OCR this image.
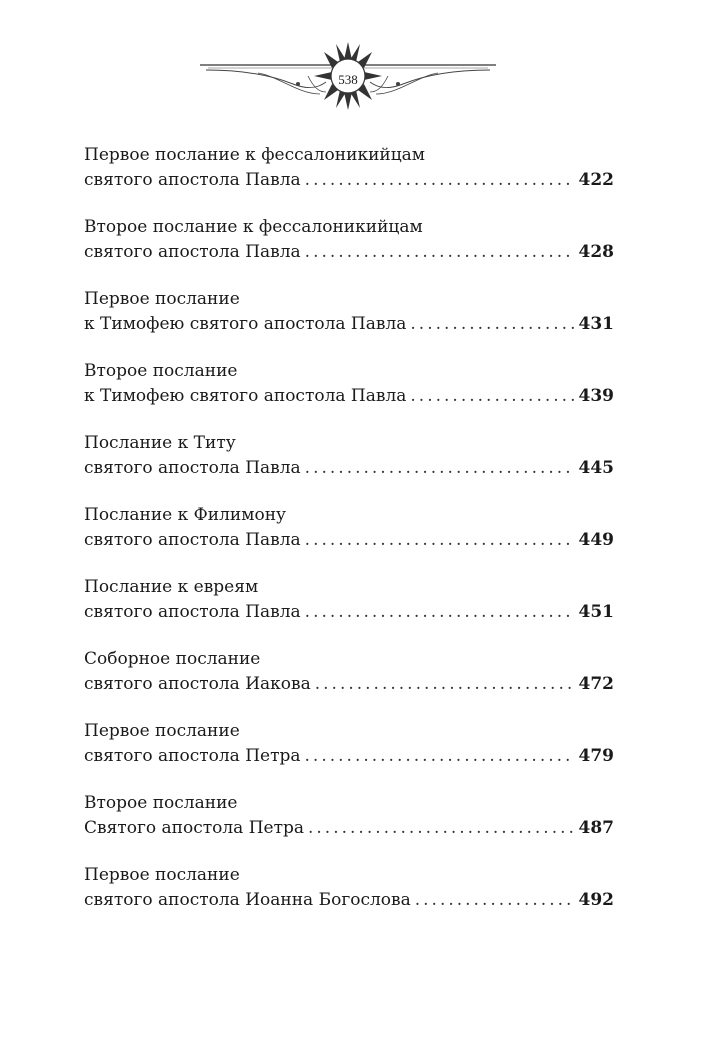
538
Первое послание к фессалоникийцам
святого апостола Павла .....	422
Второе послание к фессалоникийцам
святого апостола Павла .....	428
Первое послание
к Тимофею святого апостола Павла .....	431
Второе послание
к Тимофею святого апостола Павла .....	439
Послание к Титу
святого апостола Павла .....	445
Послание к Филимону
святого апостола Павла .....	449
Послание к евреям
святого апостола Павла .....	451
Соборное послание
святого апостола Иакова .....	472
Первое послание
святого апостола Петра .....	479
Второе послание
Святого апостола Петра .....	487
Первое послание
святого апостола Иоанна Богослова .....	492
